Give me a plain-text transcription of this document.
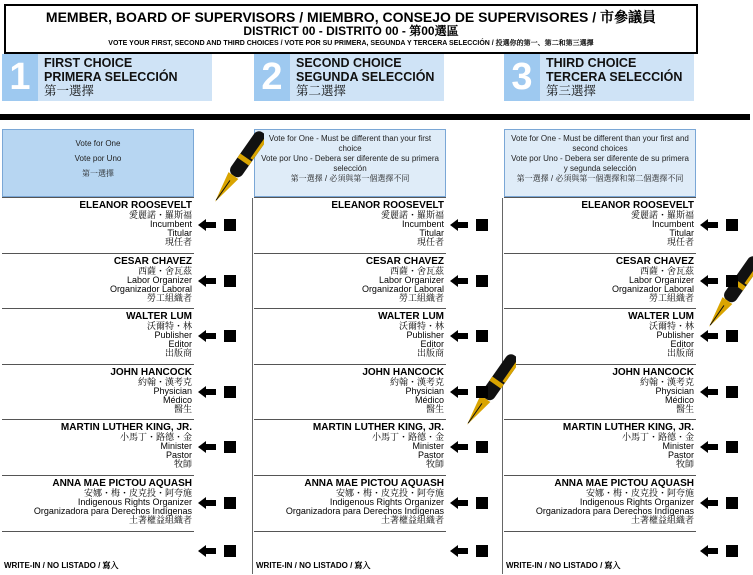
MEMBER, BOARD OF SUPERVISORS / MIEMBRO, CONSEJO DE SUPERVISORES / 市參議員
DISTRICT 00 - DISTRITO 00 - 第00選區
VOTE YOUR FIRST, SECOND AND THIRD CHOICES / VOTE POR SU PRIMERA, SEGUNDA Y TERCERA SELECCIÓN / 投選你的第一、第二和第三選擇
1	FIRST CHOICE
PRIMERA SELECCIÓN
第一選擇	2	SECOND CHOICE
SEGUNDA SELECCIÓN
第二選擇	3	THIRD CHOICE
TERCERA SELECCIÓN
第三選擇
Vote for One
Vote por Uno
第一選擇
ELEANOR ROOSEVELT
愛麗諾・羅斯福
Incumbent
Titular
現任者
CESAR CHAVEZ
西薩・舍瓦茲
Labor Organizer
Organizador Laboral
勞工組織者
WALTER LUM
沃爾特・林
Publisher
Editor
出版商
JOHN HANCOCK
約翰・漢考克
Physician
Médico
醫生
MARTIN LUTHER KING, JR.
小馬丁・路德・金
Minister
Pastor
牧師
ANNA MAE PICTOU AQUASH
安娜・梅・皮克投・阿夸施
Indigenous Rights Organizer
Organizadora para Derechos Indígenas
土著權益組織者
WRITE-IN / NO LISTADO / 寫入
Vote for One - Must be different than your first choice
Vote por Uno - Debera ser diferente de su primera selección
第一選擇 / 必須與第一個選擇不同
ELEANOR ROOSEVELT
愛麗諾・羅斯福
Incumbent
Titular
現任者
CESAR CHAVEZ
西薩・舍瓦茲
Labor Organizer
Organizador Laboral
勞工組織者
WALTER LUM
沃爾特・林
Publisher
Editor
出版商
JOHN HANCOCK
約翰・漢考克
Physician
Médico
醫生
MARTIN LUTHER KING, JR.
小馬丁・路德・金
Minister
Pastor
牧師
ANNA MAE PICTOU AQUASH
安娜・梅・皮克投・阿夸施
Indigenous Rights Organizer
Organizadora para Derechos Indígenas
土著權益組織者
WRITE-IN / NO LISTADO / 寫入
Vote for One - Must be different than your first and second choices
Vote por Uno - Debera ser diferente de su primera y segunda selección
第一選擇 / 必須與第一個選擇和第二個選擇不同
ELEANOR ROOSEVELT
愛麗諾・羅斯福
Incumbent
Titular
現任者
CESAR CHAVEZ
西薩・舍瓦茲
Labor Organizer
Organizador Laboral
勞工組織者
WALTER LUM
沃爾特・林
Publisher
Editor
出版商
JOHN HANCOCK
約翰・漢考克
Physician
Médico
醫生
MARTIN LUTHER KING, JR.
小馬丁・路德・金
Minister
Pastor
牧師
ANNA MAE PICTOU AQUASH
安娜・梅・皮克投・阿夸施
Indigenous Rights Organizer
Organizadora para Derechos Indígenas
土著權益組織者
WRITE-IN / NO LISTADO / 寫入
